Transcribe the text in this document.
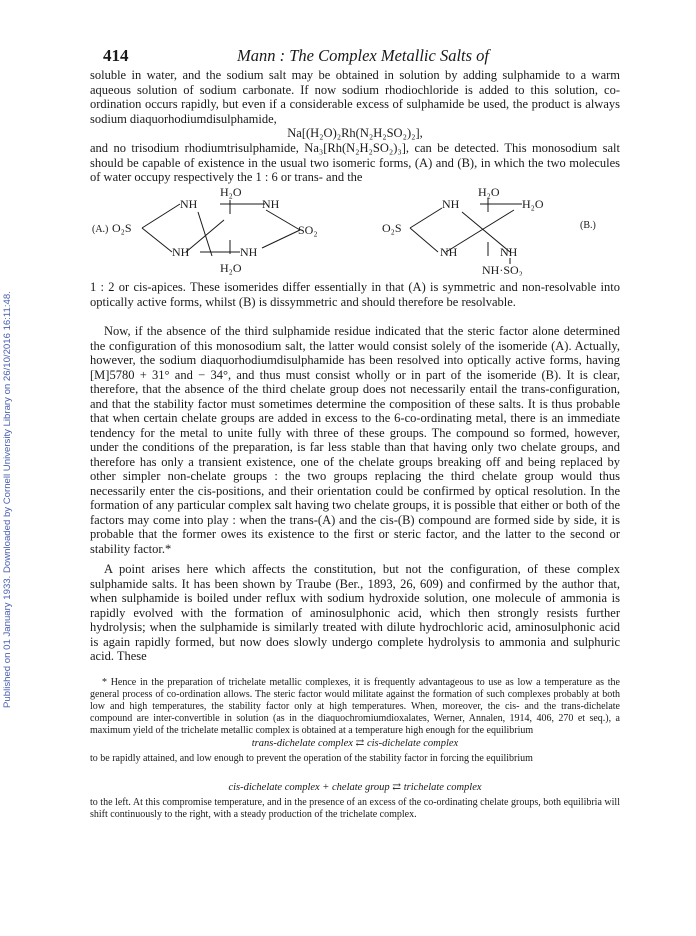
Published on 01 January 1933. Downloaded by Cornell University Library on 26/10/2016 16:11:48.
414	Mann : The Complex Metallic Salts of

soluble in water, and the sodium salt may be obtained in solution by adding sulphamide to a warm aqueous solution of sodium carbonate. If now sodium rhodiochloride is added to this solution, co-ordination occurs rapidly, but even if a considerable excess of sulphamide be used, the product is always sodium diaquorhodiumdisulphamide,

Na[(H₂O)₂Rh(N₂H₂SO₂)₂],

and no trisodium rhodiumtrisulphamide, Na₃[Rh(N₂H₂SO₂)₃], can be detected. This monosodium salt should be capable of existence in the usual two isomeric forms, (A) and (B), in which the two molecules of water occupy respectively the 1 : 6 or trans- and the

(A.)
H₂O
NH	NH
O₂S	SO₂
NH	NH
H₂O
H₂O
NH	H₂O
O₂S
NH	NH
NH·SO₂
(B.)

1 : 2 or cis-apices. These isomerides differ essentially in that (A) is symmetric and non-resolvable into optically active forms, whilst (B) is dissymmetric and should therefore be resolvable.

Now, if the absence of the third sulphamide residue indicated that the steric factor alone determined the configuration of this monosodium salt, the latter would consist solely of the isomeride (A). Actually, however, the sodium diaquorhodiumdisulphamide has been resolved into optically active forms, having [M]5780 + 31° and − 34°, and thus must consist wholly or in part of the isomeride (B). It is clear, therefore, that the absence of the third chelate group does not necessarily entail the trans-configuration, and that the stability factor must sometimes determine the composition of these salts. It is thus probable that when certain chelate groups are added in excess to the 6-co-ordinating metal, there is an immediate tendency for the metal to unite fully with three of these groups. The compound so formed, however, under the conditions of the preparation, is far less stable than that having only two chelate groups, and therefore has only a transient existence, one of the chelate groups breaking off and being replaced by other simpler non-chelate groups : the two groups replacing the third chelate group would thus necessarily enter the cis-positions, and their orientation could be confirmed by optical resolution. In the formation of any particular complex salt having two chelate groups, it is possible that either or both of the factors may come into play : when the trans-(A) and the cis-(B) compound are formed side by side, it is probable that the former owes its existence to the first or steric factor, and the latter to the second or stability factor.*

A point arises here which affects the constitution, but not the configuration, of these complex sulphamide salts. It has been shown by Traube (Ber., 1893, 26, 609) and confirmed by the author that, when sulphamide is boiled under reflux with sodium hydroxide solution, one molecule of ammonia is rapidly evolved with the formation of aminosulphonic acid, which then strongly resists further hydrolysis; when the sulphamide is similarly treated with dilute hydrochloric acid, aminosulphonic acid is again rapidly formed, but now does slowly undergo complete hydrolysis to ammonia and sulphuric acid. These

* Hence in the preparation of trichelate metallic complexes, it is frequently advantageous to use as low a temperature as the general process of co-ordination allows. The steric factor would militate against the formation of such complexes probably at both low and high temperatures, the stability factor only at high temperatures. When, moreover, the cis- and the trans-dichelate compound are inter-convertible in solution (as in the diaquochromiumdioxalates, Werner, Annalen, 1914, 406, 270 et seq.), a maximum yield of the trichelate metallic complex is obtained at a temperature high enough for the equilibrium

trans-dichelate complex ⇄ cis-dichelate complex

to be rapidly attained, and low enough to prevent the operation of the stability factor in forcing the equilibrium

cis-dichelate complex + chelate group ⇄ trichelate complex

to the left. At this compromise temperature, and in the presence of an excess of the co-ordinating chelate groups, both equilibria will shift continuously to the right, with a steady production of the trichelate complex.
